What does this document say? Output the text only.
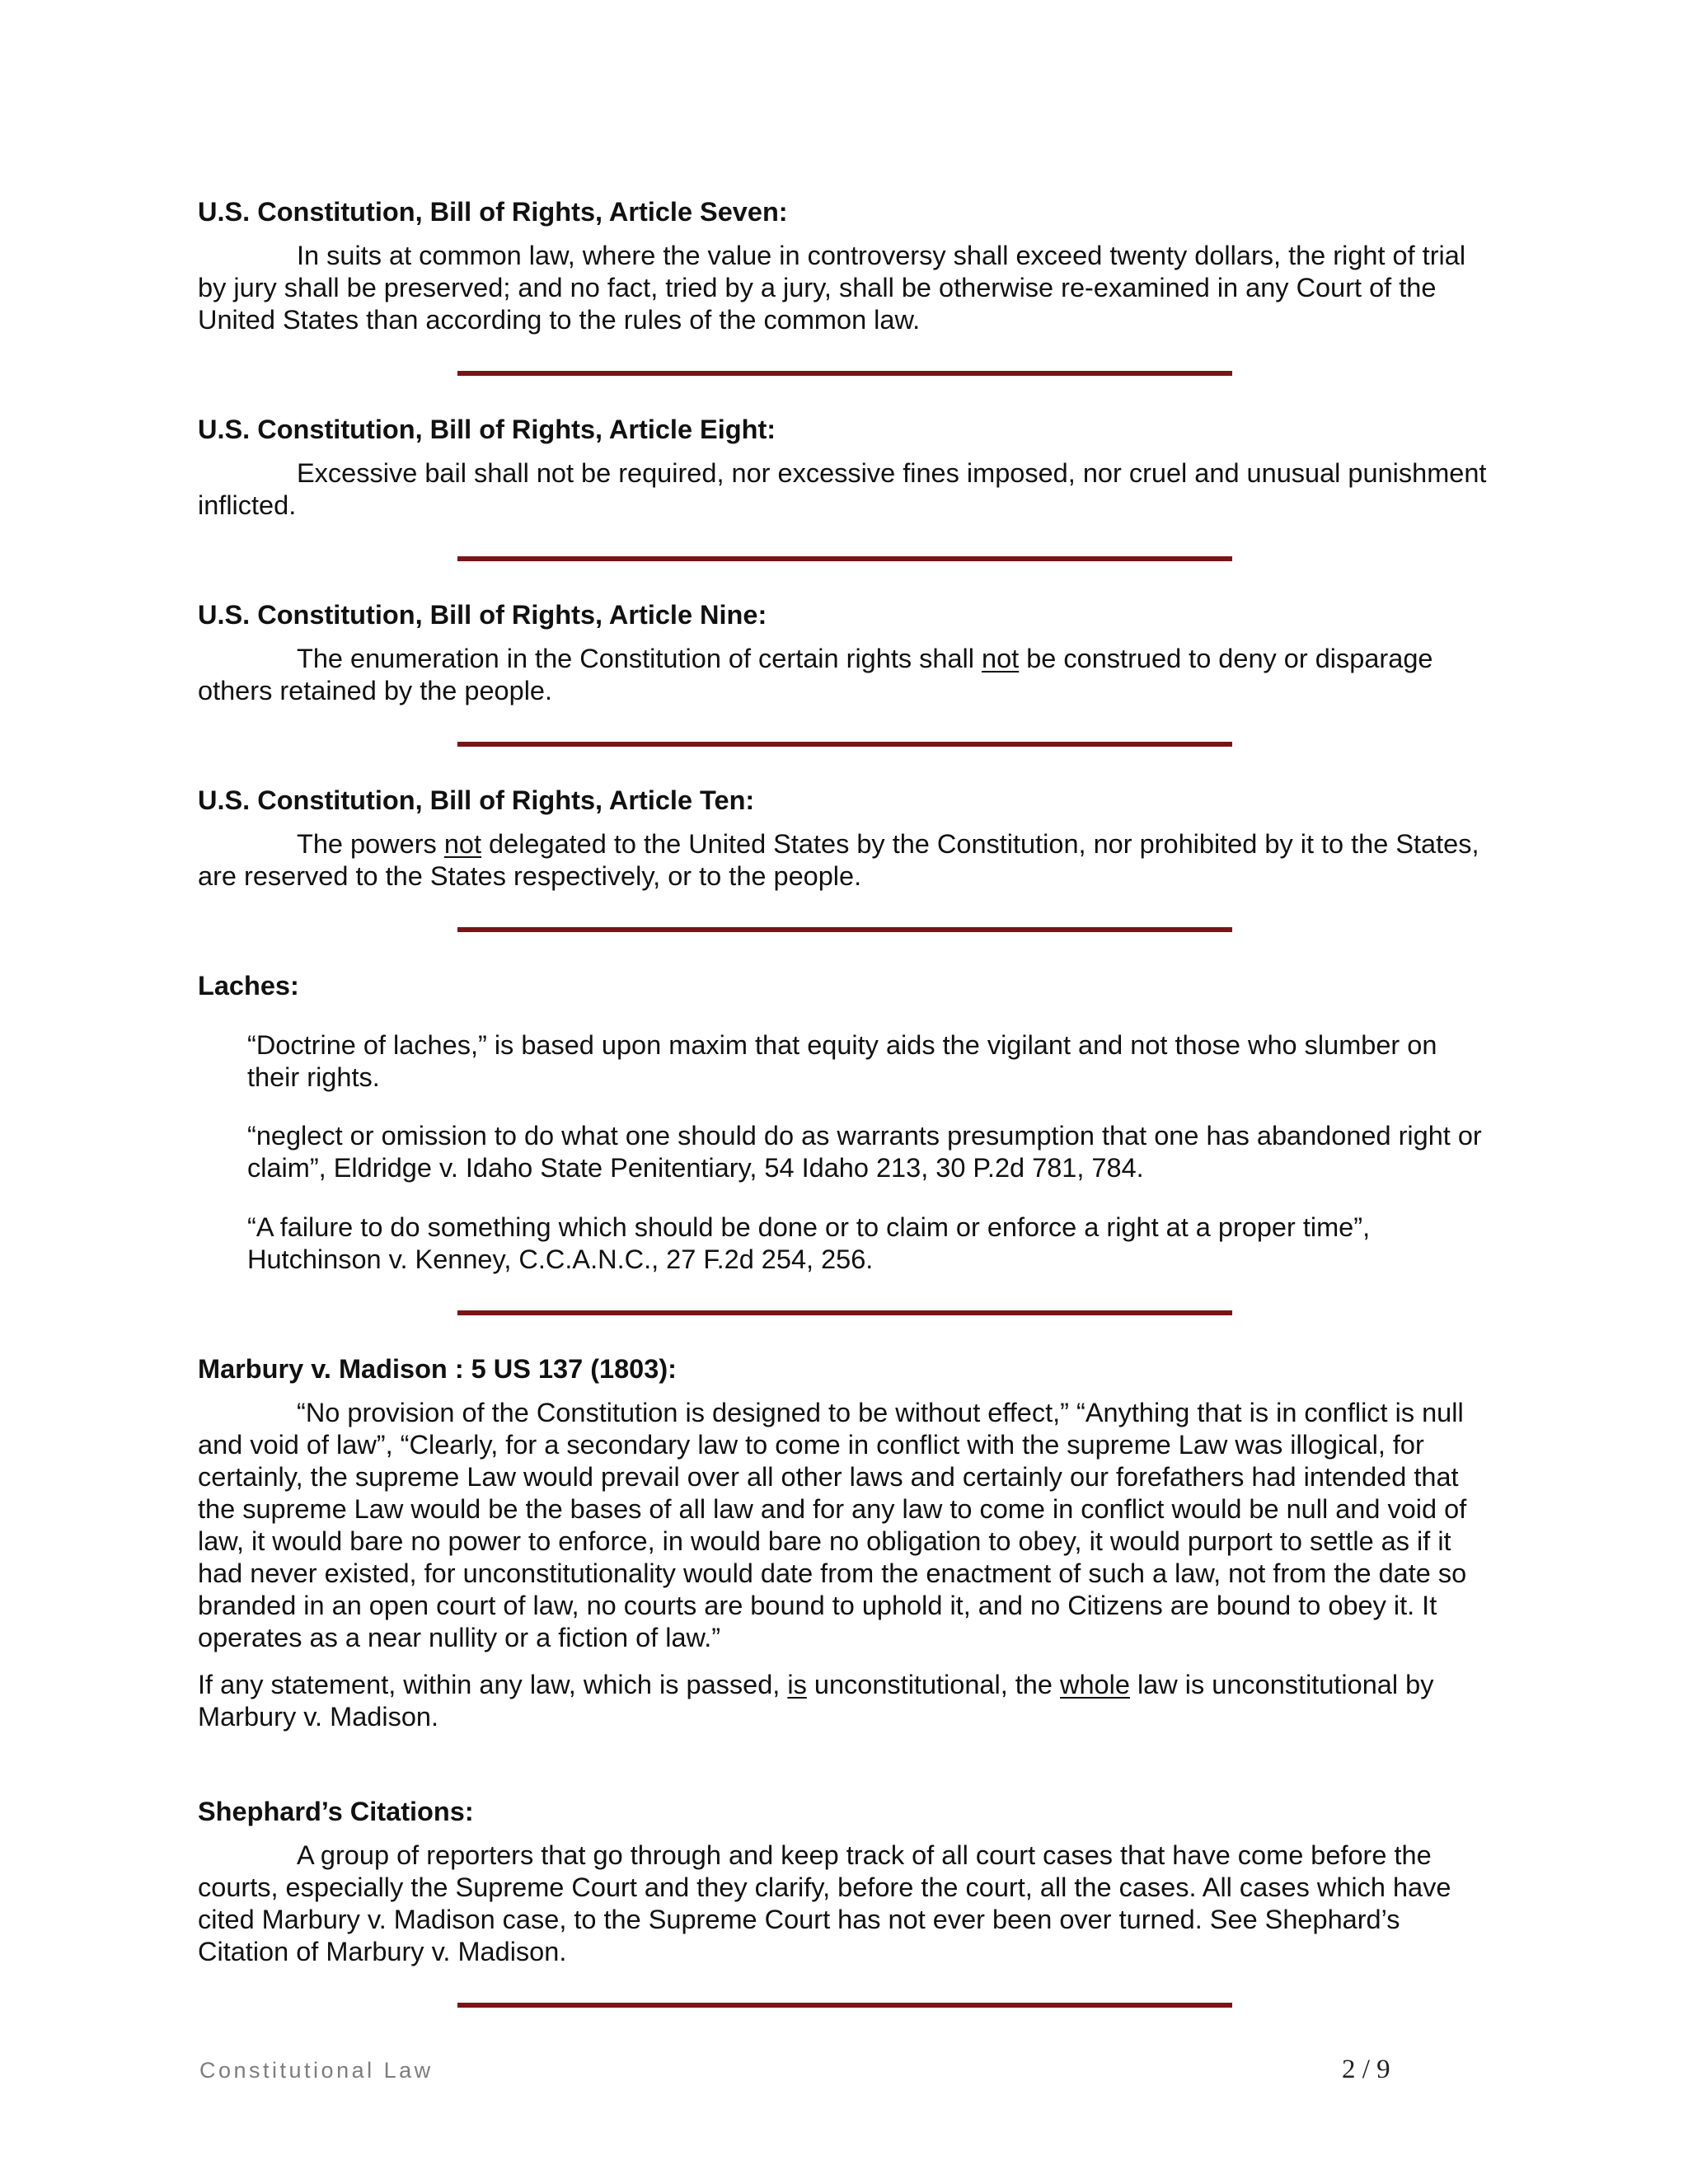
U.S. Constitution, Bill of Rights, Article Seven:

In suits at common law, where the value in controversy shall exceed twenty dollars, the right of trial by jury shall be preserved; and no fact, tried by a jury, shall be otherwise re-examined in any Court of the United States than according to the rules of the common law.

U.S. Constitution, Bill of Rights, Article Eight:

Excessive bail shall not be required, nor excessive fines imposed, nor cruel and unusual punishment inflicted.

U.S. Constitution, Bill of Rights, Article Nine:

The enumeration in the Constitution of certain rights shall not be construed to deny or disparage others retained by the people.

U.S. Constitution, Bill of Rights, Article Ten:

The powers not delegated to the United States by the Constitution, nor prohibited by it to the States, are reserved to the States respectively, or to the people.

Laches:

“Doctrine of laches,” is based upon maxim that equity aids the vigilant and not those who slumber on their rights.

“neglect or omission to do what one should do as warrants presumption that one has abandoned right or claim”, Eldridge v. Idaho State Penitentiary, 54 Idaho 213, 30 P.2d 781, 784.

“A failure to do something which should be done or to claim or enforce a right at a proper time”, Hutchinson v. Kenney, C.C.A.N.C., 27 F.2d 254, 256.

Marbury v. Madison : 5 US 137 (1803):

“No provision of the Constitution is designed to be without effect,” “Anything that is in conflict is null and void of law”, “Clearly, for a secondary law to come in conflict with the supreme Law was illogical, for certainly, the supreme Law would prevail over all other laws and certainly our forefathers had intended that the supreme Law would be the bases of all law and for any law to come in conflict would be null and void of law, it would bare no power to enforce, in would bare no obligation to obey, it would purport to settle as if it had never existed, for unconstitutionality would date from the enactment of such a law, not from the date so branded in an open court of law, no courts are bound to uphold it, and no Citizens are bound to obey it. It operates as a near nullity or a fiction of law.”

If any statement, within any law, which is passed, is unconstitutional, the whole law is unconstitutional by Marbury v. Madison.

Shephard’s Citations:

A group of reporters that go through and keep track of all court cases that have come before the courts, especially the Supreme Court and they clarify, before the court, all the cases. All cases which have cited Marbury v. Madison case, to the Supreme Court has not ever been over turned. See Shephard’s Citation of Marbury v. Madison.

Constitutional Law	2 / 9
